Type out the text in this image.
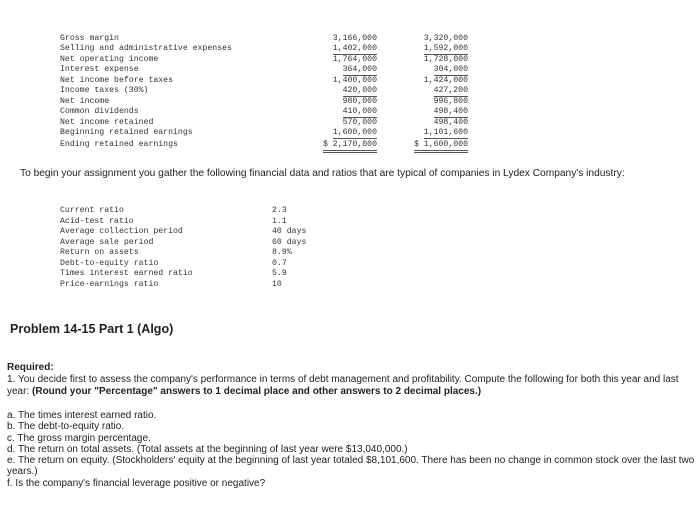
Gross margin	3,166,000	3,320,000
Selling and administrative expenses	1,402,000	1,592,000
Net operating income	1,764,000	1,728,000
Interest expense	364,000	304,000
Net income before taxes	1,400,000	1,424,000
Income taxes (30%)	420,000	427,200
Net income	980,000	996,800
Common dividends	410,000	498,400
Net income retained	570,000	498,400
Beginning retained earnings	1,600,000	1,101,600
Ending retained earnings	$ 2,170,000	$ 1,600,000
To begin your assignment you gather the following financial data and ratios that are typical of companies in Lydex Company's industry:
Current ratio	2.3
Acid-test ratio	1.1
Average collection period	40 days
Average sale period	60 days
Return on assets	8.9%
Debt-to-equity ratio	0.7
Times interest earned ratio	5.9
Price-earnings ratio	10
Problem 14-15 Part 1 (Algo)
Required:
1. You decide first to assess the company's performance in terms of debt management and profitability. Compute the following for both this year and last year: (Round your "Percentage" answers to 1 decimal place and other answers to 2 decimal places.)
a. The times interest earned ratio.
b. The debt-to-equity ratio.
c. The gross margin percentage.
d. The return on total assets. (Total assets at the beginning of last year were $13,040,000.)
e. The return on equity. (Stockholders' equity at the beginning of last year totaled $8,101,600. There has been no change in common stock over the last two years.)
f. Is the company's financial leverage positive or negative?
